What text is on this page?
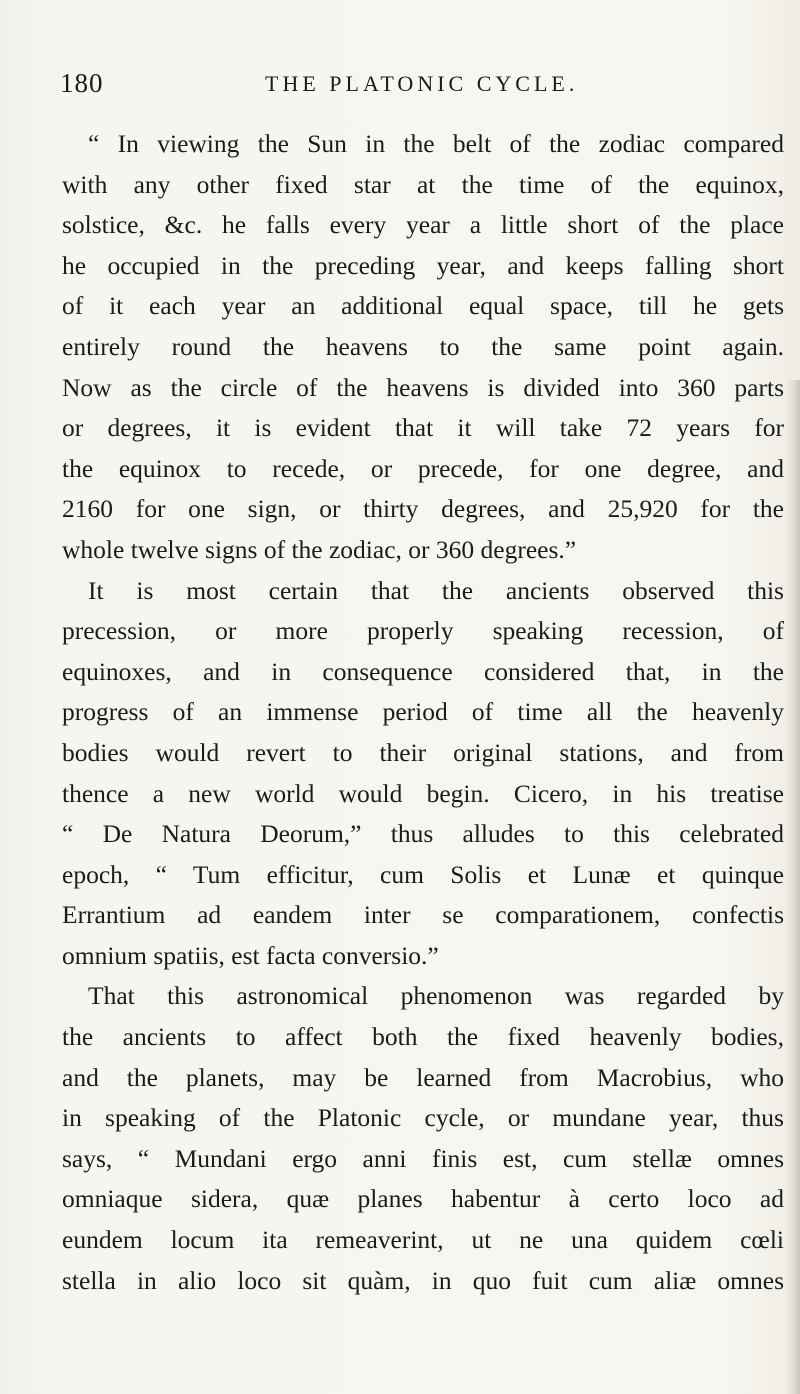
180	THE PLATONIC CYCLE.
“ In viewing the Sun in the belt of the zodiac compared
with any other fixed star at the time of the equinox,
solstice, &c. he falls every year a little short of the place
he occupied in the preceding year, and keeps falling short
of it each year an additional equal space, till he gets
entirely round the heavens to the same point again.
Now as the circle of the heavens is divided into 360 parts
or degrees, it is evident that it will take 72 years for
the equinox to recede, or precede, for one degree, and
2160 for one sign, or thirty degrees, and 25,920 for the
whole twelve signs of the zodiac, or 360 degrees.”
It is most certain that the ancients observed this
precession, or more properly speaking recession, of
equinoxes, and in consequence considered that, in the
progress of an immense period of time all the heavenly
bodies would revert to their original stations, and from
thence a new world would begin. Cicero, in his treatise
“ De Natura Deorum,” thus alludes to this celebrated
epoch, “ Tum efficitur, cum Solis et Lunæ et quinque
Errantium ad eandem inter se comparationem, confectis
omnium spatiis, est facta conversio.”
That this astronomical phenomenon was regarded by
the ancients to affect both the fixed heavenly bodies,
and the planets, may be learned from Macrobius, who
in speaking of the Platonic cycle, or mundane year, thus
says, “ Mundani ergo anni finis est, cum stellæ omnes
omniaque sidera, quæ planes habentur à certo loco ad
eundem locum ita remeaverint, ut ne una quidem cœli
stella in alio loco sit quàm, in quo fuit cum aliæ omnes
